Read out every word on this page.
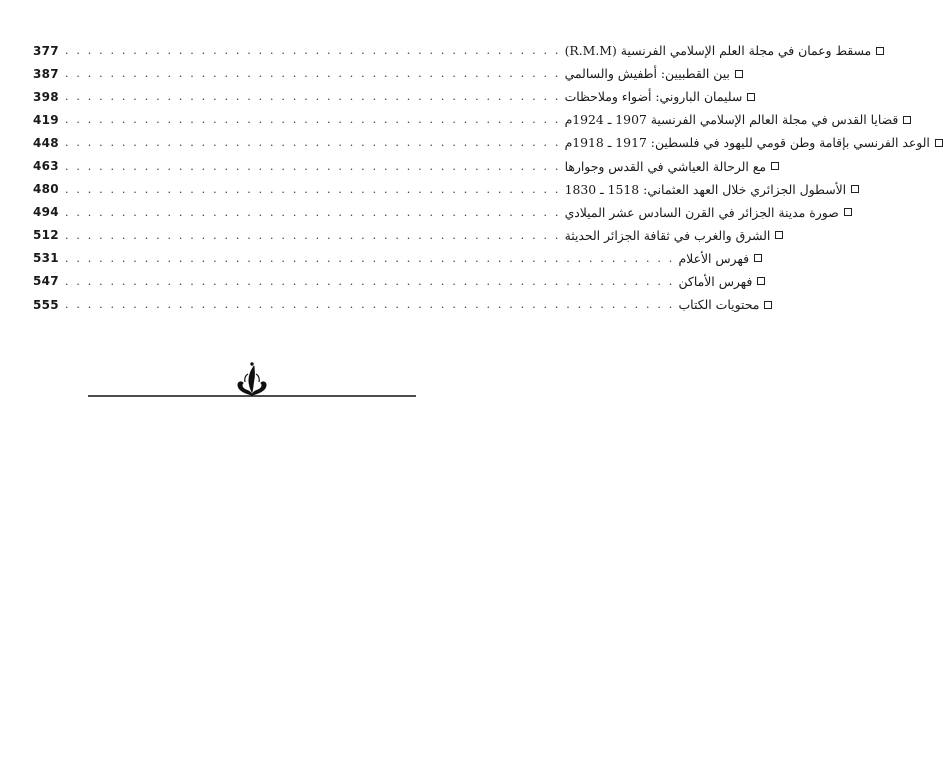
377 . . . . . . . . . . . . . . . . . . . . . . . . . . . . . . . . . . . . . . . . . . . . مسقط وعمان في مجلة العلم الإسلامي الفرنسية (R.M.M)
387 . . . . . . . . . . . . . . . . . . . . . . . . . . . . . . . . . . . . . . . . . . . . بين القطبيين: أطفيش والسالمي
398 . . . . . . . . . . . . . . . . . . . . . . . . . . . . . . . . . . . . . . . . . . . . سليمان الباروني: أضواء وملاحظات
419 . . . . . . . . . . . . . . . . . . . . . . . . . . . . . . . . . . . . . . . . . . . . قضايا القدس في مجلة العالم الإسلامي الفرنسية 1907 ـ 1924م
448 . . . . . . . . . . . . . . . . . . . . . . . . . . . . . . . . . . . . . . . . . . . . الوعد الفرنسي بإقامة وطن قومي لليهود في فلسطين: 1917 ـ 1918م
463 . . . . . . . . . . . . . . . . . . . . . . . . . . . . . . . . . . . . . . . . . . . . مع الرحالة العياشي في القدس وجوارها
480 . . . . . . . . . . . . . . . . . . . . . . . . . . . . . . . . . . . . . . . . . . . . الأسطول الجزائري خلال العهد العثماني: 1518 ـ 1830
494 . . . . . . . . . . . . . . . . . . . . . . . . . . . . . . . . . . . . . . . . . . . . صورة مدينة الجزائر في القرن السادس عشر الميلادي
512 . . . . . . . . . . . . . . . . . . . . . . . . . . . . . . . . . . . . . . . . . . . . الشرق والغرب في ثقافة الجزائر الحديثة
531 . . . . . . . . . . . . . . . . . . . . . . . . . . . . . . . . . . . . . . . . . . . . . . . . . . . . . . فهرس الأعلام
547 . . . . . . . . . . . . . . . . . . . . . . . . . . . . . . . . . . . . . . . . . . . . . . . . . . . . . . فهرس الأماكن
555 . . . . . . . . . . . . . . . . . . . . . . . . . . . . . . . . . . . . . . . . . . . . . . . . . . . . . . محتويات الكتاب
